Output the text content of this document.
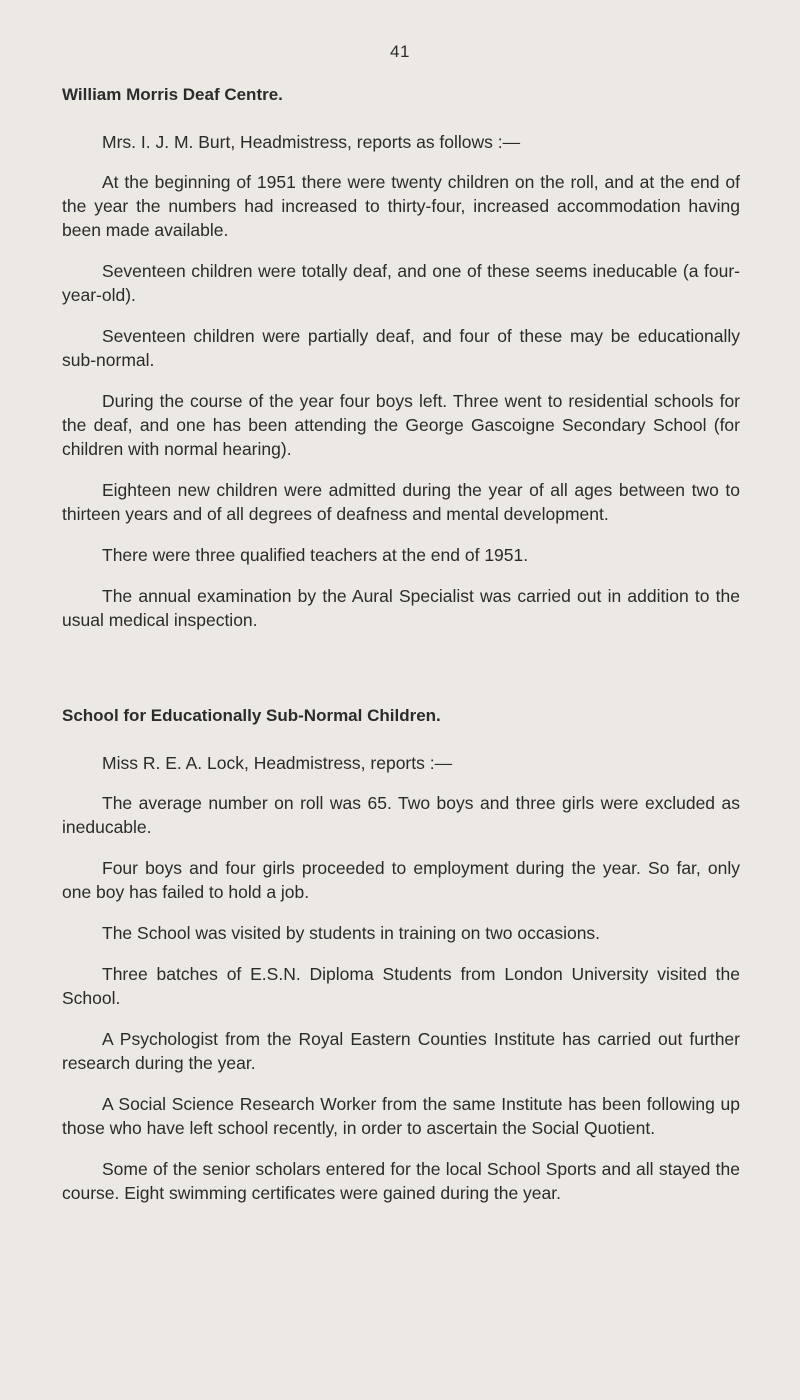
41
William Morris Deaf Centre.

Mrs. I. J. M. Burt, Headmistress, reports as follows :—

At the beginning of 1951 there were twenty children on the roll, and at the end of the year the numbers had increased to thirty-four, increased accommodation having been made available.

Seventeen children were totally deaf, and one of these seems ineducable (a four-year-old).

Seventeen children were partially deaf, and four of these may be educationally sub-normal.

During the course of the year four boys left. Three went to residential schools for the deaf, and one has been attending the George Gascoigne Secondary School (for children with normal hearing).

Eighteen new children were admitted during the year of all ages between two to thirteen years and of all degrees of deafness and mental development.

There were three qualified teachers at the end of 1951.

The annual examination by the Aural Specialist was carried out in addition to the usual medical inspection.

School for Educationally Sub-Normal Children.

Miss R. E. A. Lock, Headmistress, reports :—

The average number on roll was 65. Two boys and three girls were excluded as ineducable.

Four boys and four girls proceeded to employment during the year. So far, only one boy has failed to hold a job.

The School was visited by students in training on two occasions.

Three batches of E.S.N. Diploma Students from London University visited the School.

A Psychologist from the Royal Eastern Counties Institute has carried out further research during the year.

A Social Science Research Worker from the same Institute has been following up those who have left school recently, in order to ascertain the Social Quotient.

Some of the senior scholars entered for the local School Sports and all stayed the course. Eight swimming certificates were gained during the year.
